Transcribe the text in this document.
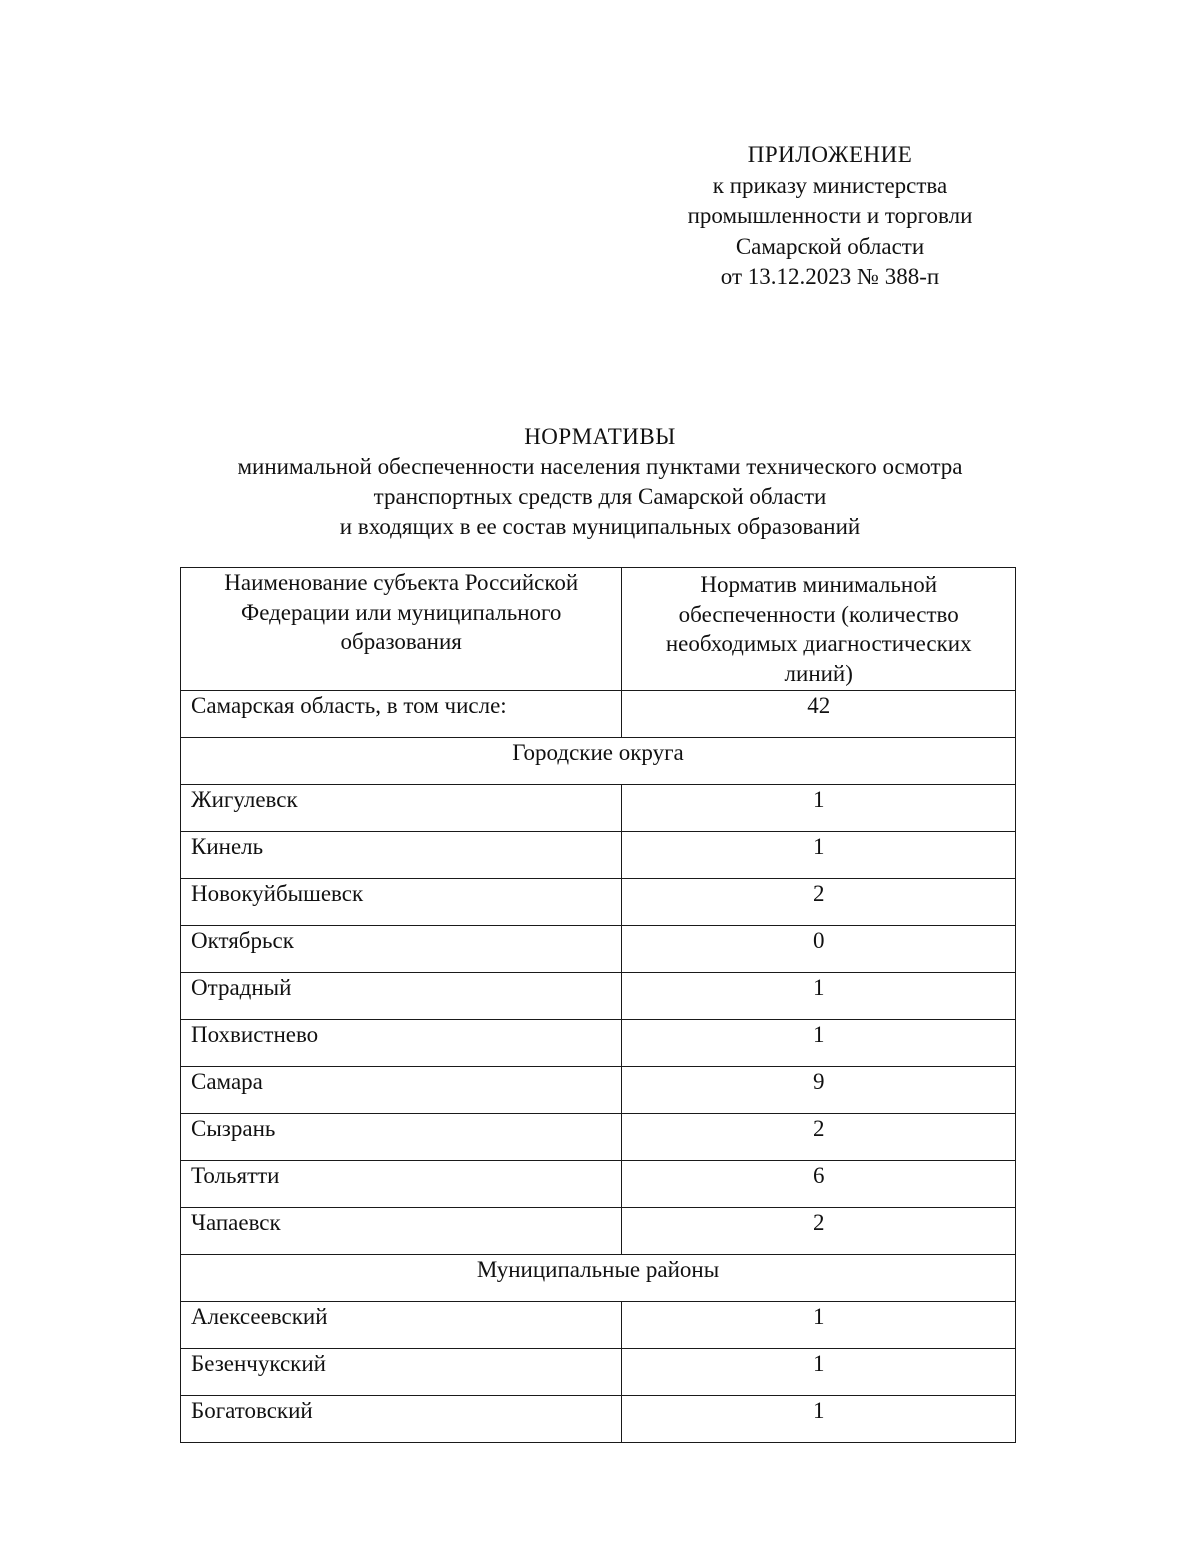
ПРИЛОЖЕНИЕ
к приказу министерства
промышленности и торговли
Самарской области
от 13.12.2023 № 388-п
НОРМАТИВЫ
минимальной обеспеченности населения пунктами технического осмотра
транспортных средств для Самарской области
и входящих в ее состав муниципальных образований
Наименование субъекта Российской Федерации или муниципального образования	Норматив минимальной обеспеченности (количество необходимых диагностических линий)
Самарская область, в том числе:	42
Городские округа	
Жигулевск	1
Кинель	1
Новокуйбышевск	2
Октябрьск	0
Отрадный	1
Похвистнево	1
Самара	9
Сызрань	2
Тольятти	6
Чапаевск	2
Муниципальные районы	
Алексеевский	1
Безенчукский	1
Богатовский	1
